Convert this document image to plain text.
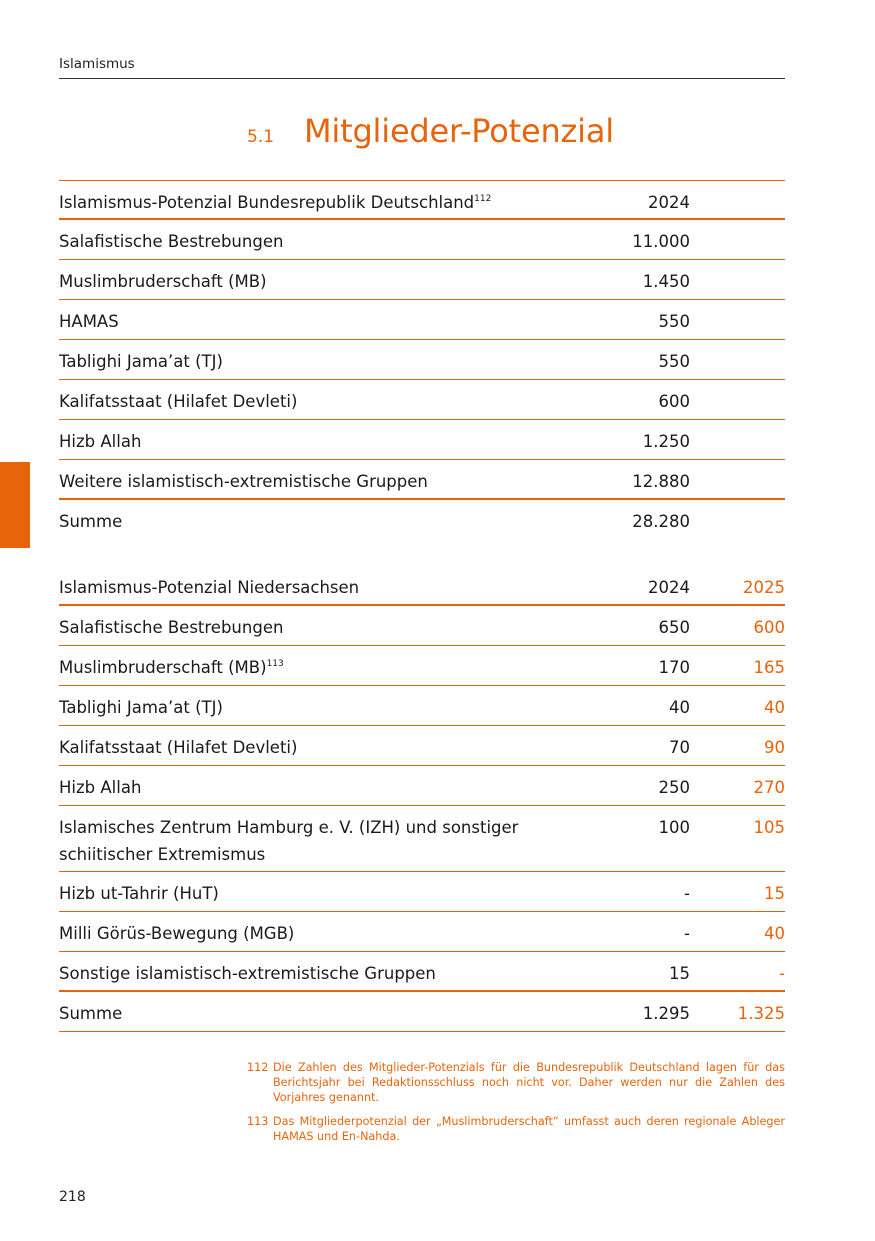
Islamismus
5.1 Mitglieder-Potenzial
Islamismus-Potenzial Bundesrepublik Deutschland$^{112}$	2024
Salafistische Bestrebungen	11.000
Muslimbruderschaft (MB)	1.450
HAMAS	550
Tablighi Jama’at (TJ)	550
Kalifatsstaat (Hilafet Devleti)	600
Hizb Allah	1.250
Weitere islamistisch-extremistische Gruppen	12.880
Summe	28.280
Islamismus-Potenzial Niedersachsen	2024	2025
Salafistische Bestrebungen	650	600
Muslimbruderschaft (MB)$^{113}$	170	165
Tablighi Jama’at (TJ)	40	40
Kalifatsstaat (Hilafet Devleti)	70	90
Hizb Allah	250	270
Islamisches Zentrum Hamburg e. V. (IZH) und sonstiger schiitischer Extremismus
100	105
Hizb ut-Tahrir (HuT)	-	15
Milli Görüs-Bewegung (MGB)	-	40
Sonstige islamistisch-extremistische Gruppen	15	-
Summe	1.295	1.325
112 Die Zahlen des Mitglieder-Potenzials für die Bundesrepublik Deutschland lagen für das Berichtsjahr bei Redaktionsschluss noch nicht vor. Daher werden nur die Zahlen des Vorjahres genannt.
113 Das Mitgliederpotenzial der „Muslimbruderschaft“ umfasst auch deren regionale Ableger HAMAS und En-Nahda.
218
